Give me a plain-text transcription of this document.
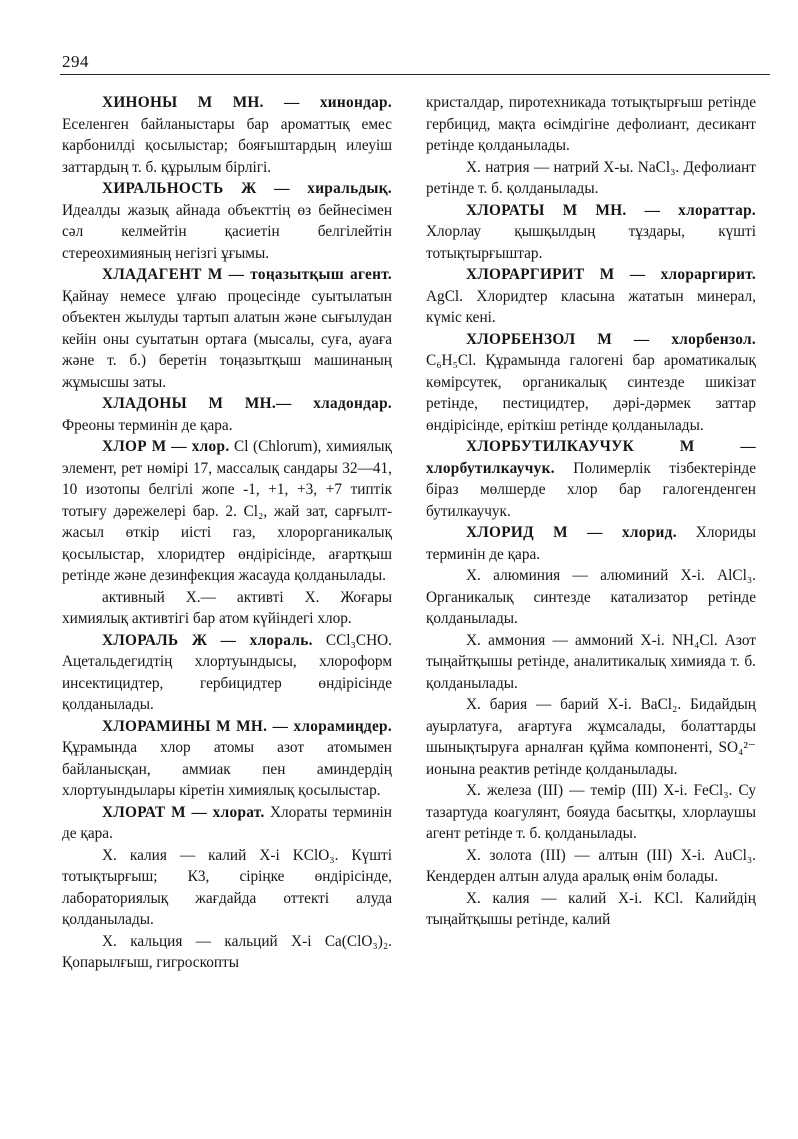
294

ХИНОНЫ М МН. — хинондар. Еселенген байланыстары бар ароматтық емес карбонилді қосылыстар; бояғыштардың илеуіш заттардың т. б. құрылым бірлігі.

ХИРАЛЬНОСТЬ Ж — хиральдық. Идеалды жазық айнада объекттің өз бейнесімен сәл келмейтін қасиетін белгілейтін стереохимияның негізгі ұғымы.

ХЛАДАГЕНТ М — тоңазытқыш агент. Қайнау немесе ұлғаю процесінде суытылатын объектен жылуды тартып алатын және сығылудан кейін оны суытатын ортаға (мысалы, суға, ауаға және т. б.) беретін тоңазытқыш машинаның жұмысшы заты.

ХЛАДОНЫ М МН.— хладондар. Фреоны терминін де қара.

ХЛОР М — хлор. Cl (Chlorum), химиялық элемент, рет нөмірі 17, массалық сандары 32—41, 10 изотопы белгілі жопе -1, +1, +3, +7 типтік тотығу дәрежелері бар. 2. Cl₂, жай зат, сарғылт-жасыл өткір иісті газ, хлорорганикалық қосылыстар, хлоридтер өндірісінде, ағартқыш ретінде және дезинфекция жасауда қолданылады.

активный Х.— активті Х. Жоғары химиялық активтігі бар атом күйіндегі хлор.

ХЛОРАЛЬ Ж — хлораль. CCl₃CHO. Ацетальдегидтің хлортуындысы, хлороформ инсектицидтер, гербицидтер өндірісінде қолданылады.

ХЛОРАМИНЫ М МН. — хлорамиңдер. Құрамында хлор атомы азот атомымен байланысқан, аммиак пен аминдердің хлортуындылары кіретін химиялық қосылыстар.

ХЛОРАТ М — хлорат. Хлораты терминін де қара.

Х. калия — калий Х-і KClO₃. Күшті тотықтырғыш; К3, сіріңке өндірісінде, лабораториялық жағдайда оттекті алуда қолданылады.

Х. кальция — кальций Х-і Ca(ClO₃)₂. Қопарылғыш, гигроскопты

кристалдар, пиротехникада тотықтырғыш ретінде гербицид, мақта өсімдігіне дефолиант, десикант ретінде қолданылады.

Х. натрия — натрий Х-ы. NaCl₃. Дефолиант ретінде т. б. қолданылады.

ХЛОРАТЫ М МН. — хлораттар. Хлорлау қышқылдың тұздары, күшті тотықтырғыштар.

ХЛОРАРГИРИТ М — хлораргирит. AgCl. Хлоридтер класына жататын минерал, күміс кені.

ХЛОРБЕНЗОЛ М — хлорбензол. C₆H₅Cl. Құрамында галогені бар ароматикалық көмірсутек, органикалық синтезде шикізат ретінде, пестицидтер, дәрі-дәрмек заттар өндірісінде, еріткіш ретінде қолданылады.

ХЛОРБУТИЛКАУЧУК М — хлорбутилкаучук. Полимерлік тізбектерінде біраз мөлшерде хлор бар галогенденген бутилкаучук.

ХЛОРИД М — хлорид. Хлориды терминін де қара.

Х. алюминия — алюминий Х-і. AlCl₃. Органикалық синтезде катализатор ретінде қолданылады.

Х. аммония — аммоний Х-і. NH₄Cl. Азот тыңайтқышы ретінде, аналитикалық химияда т. б. қолданылады.

Х. бария — барий Х-і. BaCl₂. Бидайдың ауырлатуға, ағартуға жұмсалады, болаттарды шынықтыруға арналған құйма компоненті, SO₄²⁻ ионына реактив ретінде қолданылады.

Х. железа (III) — темір (III) Х-і. FeCl₃. Су тазартуда коагулянт, бояуда басытқы, хлорлаушы агент ретінде т. б. қолданылады.

Х. золота (III) — алтын (III) Х-і. AuCl₃. Кендерден алтын алуда аралық өнім болады.

Х. калия — калий Х-і. KCl. Калийдің тыңайтқышы ретінде, калий
